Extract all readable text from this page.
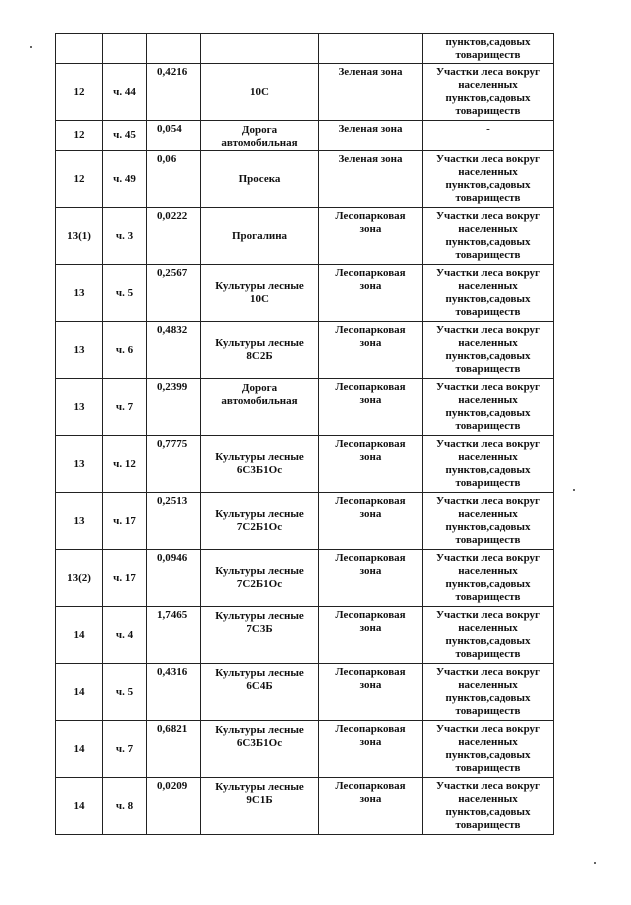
					пунктов,садовых
товариществ
12	ч. 44	0,4216	10С	Зеленая зона	Участки леса вокруг
населенных
пунктов,садовых
товариществ
12	ч. 45	0,054	Дорога
автомобильная	Зеленая зона	-
12	ч. 49	0,06	Просека	Зеленая зона	Участки леса вокруг
населенных
пунктов,садовых
товариществ
13(1)	ч. 3	0,0222	Прогалина	Лесопарковая
зона	Участки леса вокруг
населенных
пунктов,садовых
товариществ
13	ч. 5	0,2567	Культуры лесные
10С	Лесопарковая
зона	Участки леса вокруг
населенных
пунктов,садовых
товариществ
13	ч. 6	0,4832	Культуры лесные
8С2Б	Лесопарковая
зона	Участки леса вокруг
населенных
пунктов,садовых
товариществ
13	ч. 7	0,2399	Дорога
автомобильная	Лесопарковая
зона	Участки леса вокруг
населенных
пунктов,садовых
товариществ
13	ч. 12	0,7775	Культуры лесные
6С3Б1Ос	Лесопарковая
зона	Участки леса вокруг
населенных
пунктов,садовых
товариществ
13	ч. 17	0,2513	Культуры лесные
7С2Б1Ос	Лесопарковая
зона	Участки леса вокруг
населенных
пунктов,садовых
товариществ
13(2)	ч. 17	0,0946	Культуры лесные
7С2Б1Ос	Лесопарковая
зона	Участки леса вокруг
населенных
пунктов,садовых
товариществ
14	ч. 4	1,7465	Культуры лесные
7С3Б	Лесопарковая
зона	Участки леса вокруг
населенных
пунктов,садовых
товариществ
14	ч. 5	0,4316	Культуры лесные
6С4Б	Лесопарковая
зона	Участки леса вокруг
населенных
пунктов,садовых
товариществ
14	ч. 7	0,6821	Культуры лесные
6С3Б1Ос	Лесопарковая
зона	Участки леса вокруг
населенных
пунктов,садовых
товариществ
14	ч. 8	0,0209	Культуры лесные
9С1Б	Лесопарковая
зона	Участки леса вокруг
населенных
пунктов,садовых
товариществ
